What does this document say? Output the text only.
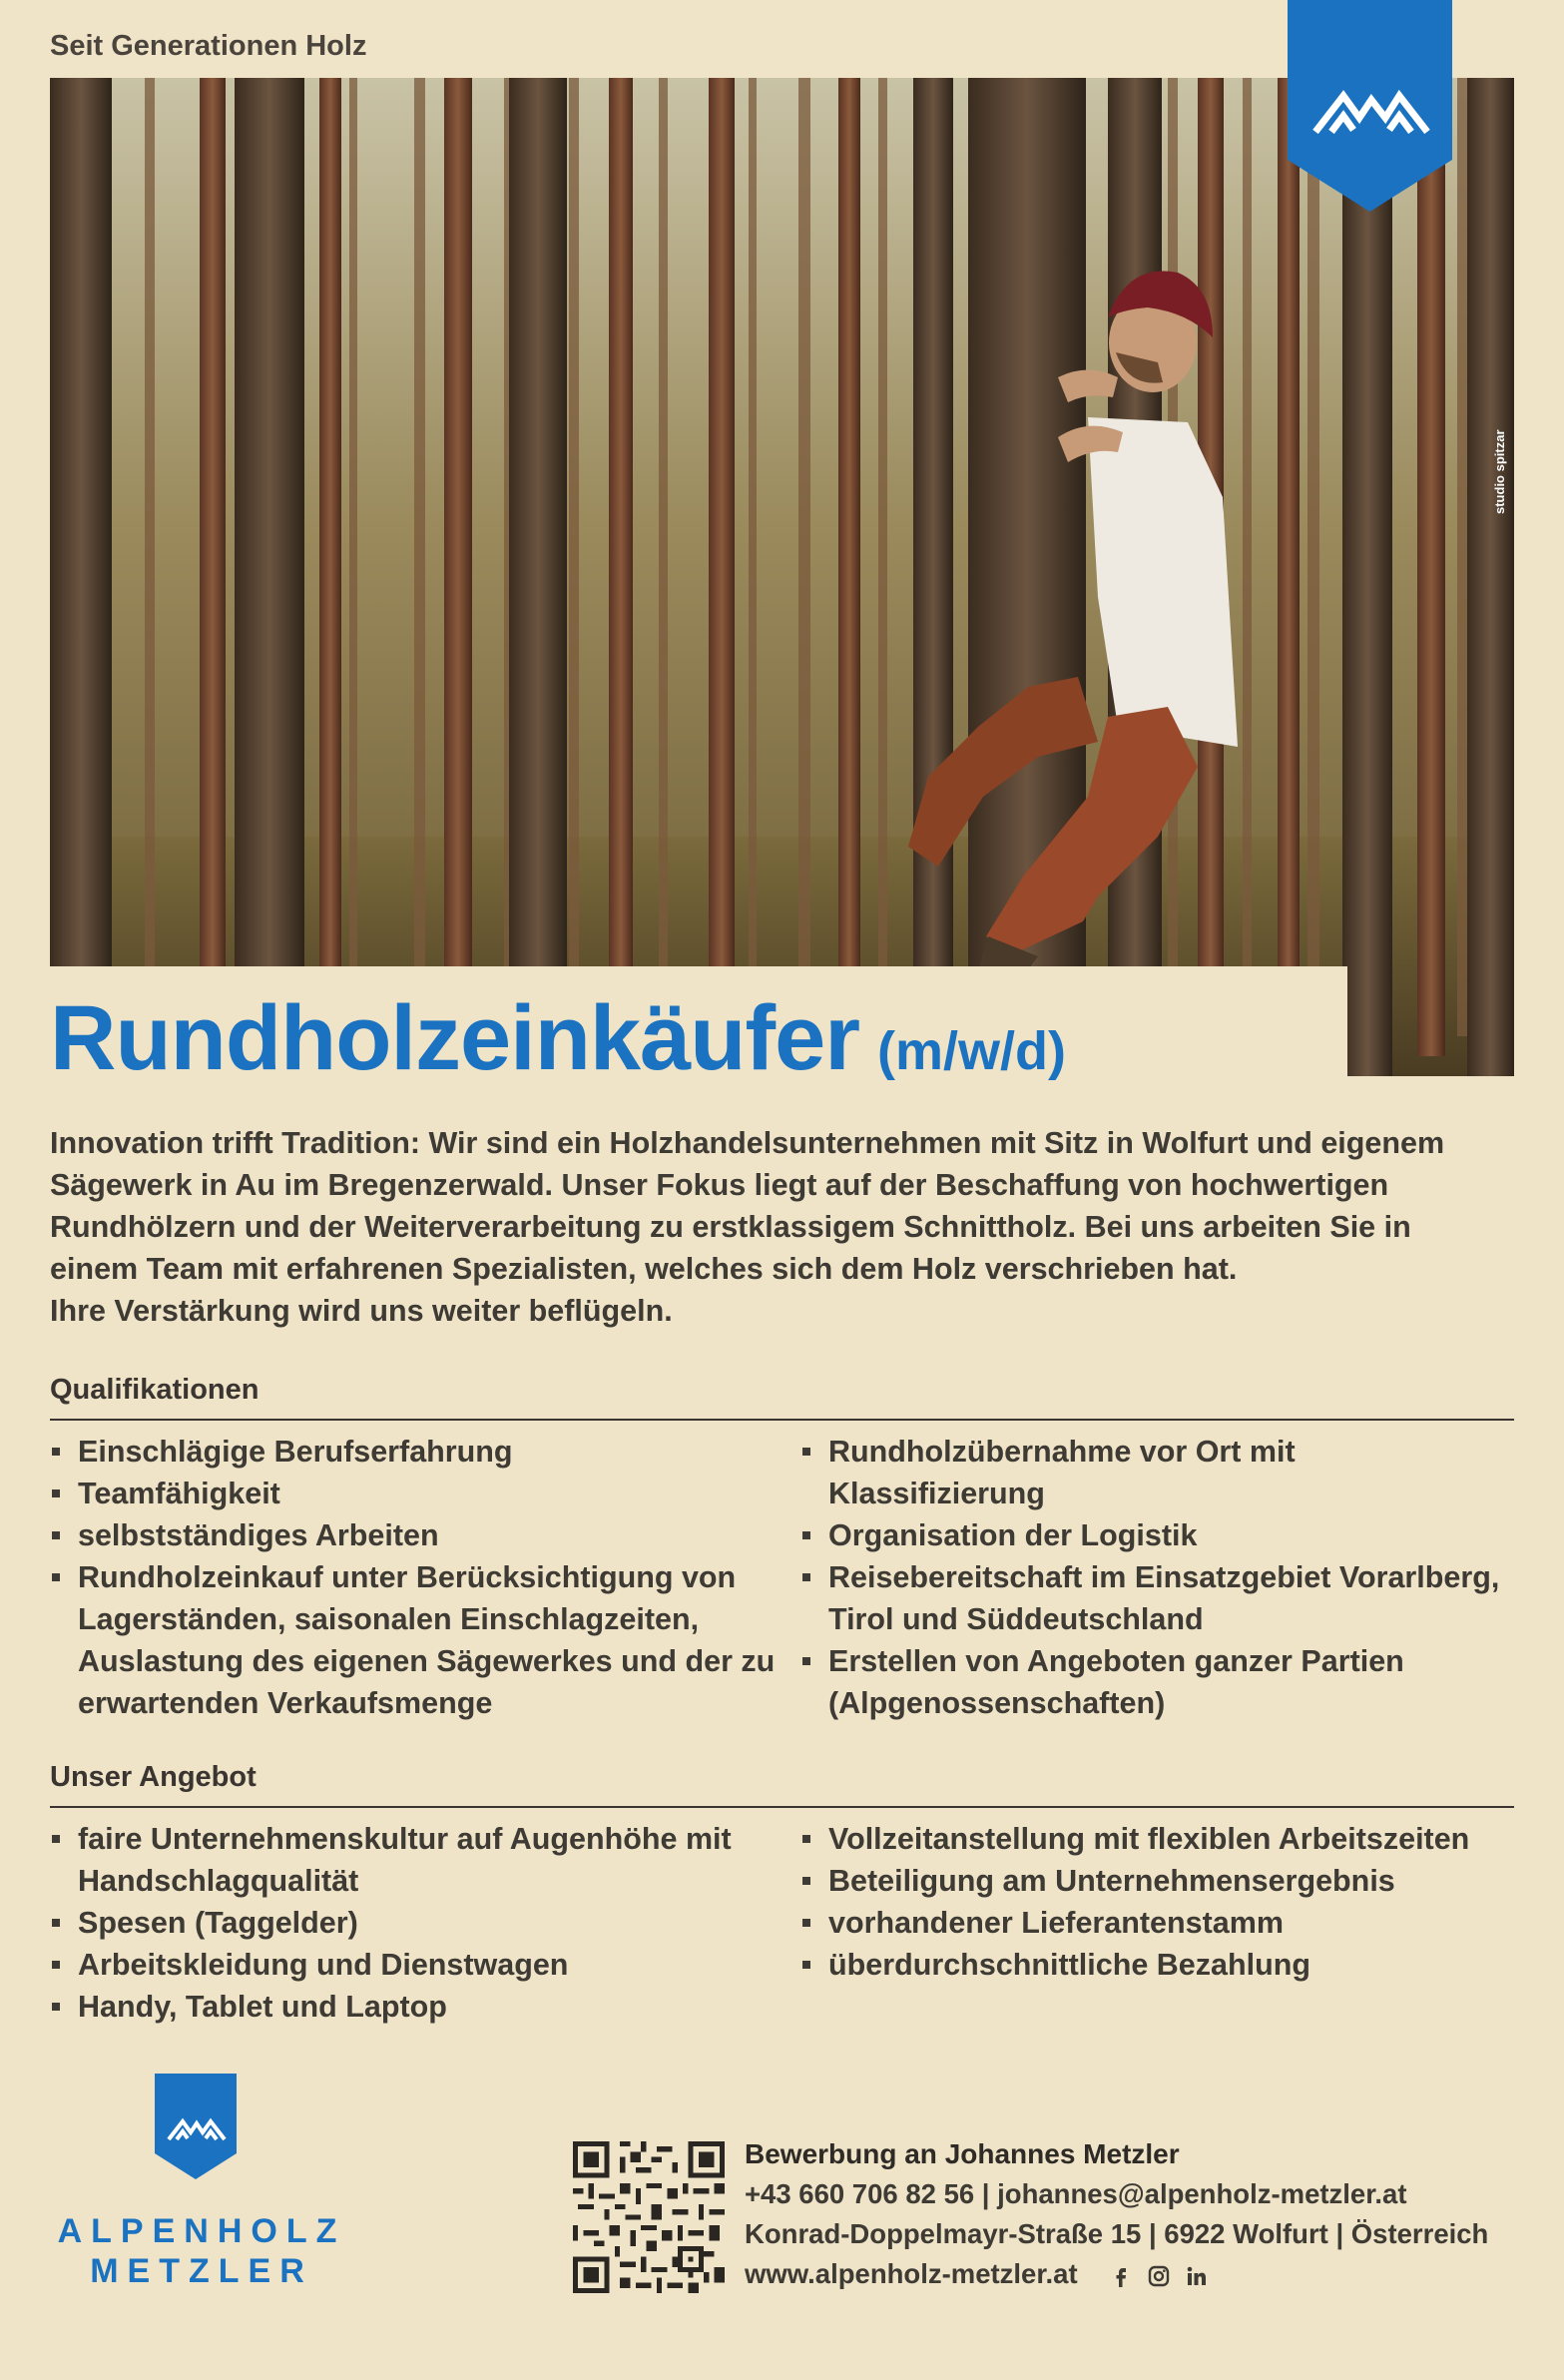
Seit Generationen Holz
studio spitzar
Rundholzeinkäufer (m/w/d)

Innovation trifft Tradition: Wir sind ein Holzhandelsunternehmen mit Sitz in Wolfurt und eigenem

Sägewerk in Au im Bregenzerwald. Unser Fokus liegt auf der Beschaffung von hochwertigen

Rundhölzern und der Weiterverarbeitung zu erstklassigem Schnittholz. Bei uns arbeiten Sie in

einem Team mit erfahrenen Spezialisten, welches sich dem Holz verschrieben hat.

Ihre Verstärkung wird uns weiter beflügeln.

Qualifikationen
Einschlägige Berufserfahrung
Teamfähigkeit
selbstständiges Arbeiten
Rundholzeinkauf unter Berücksichtigung von Lagerständen, saisonalen Einschlagzeiten, Auslastung des eigenen Sägewerkes und der zu erwartenden Verkaufsmenge
Rundholzübernahme vor Ort mit Klassifizierung
Organisation der Logistik
Reisebereitschaft im Einsatzgebiet Vorarlberg, Tirol und Süddeutschland
Erstellen von Angeboten ganzer Partien (Alpgenossenschaften)
Unser Angebot
faire Unternehmenskultur auf Augenhöhe mit Handschlagqualität
Spesen (Taggelder)
Arbeitskleidung und Dienstwagen
Handy, Tablet und Laptop
Vollzeitanstellung mit flexiblen Arbeitszeiten
Beteiligung am Unternehmensergebnis
vorhandener Lieferantenstamm
überdurchschnittliche Bezahlung
ALPENHOLZ
METZLER
Bewerbung an Johannes Metzler
+43 660 706 82 56 | johannes@alpenholz-metzler.at
Konrad-Doppelmayr-Straße 15 | 6922 Wolfurt | Österreich
www.alpenholz-metzler.at
